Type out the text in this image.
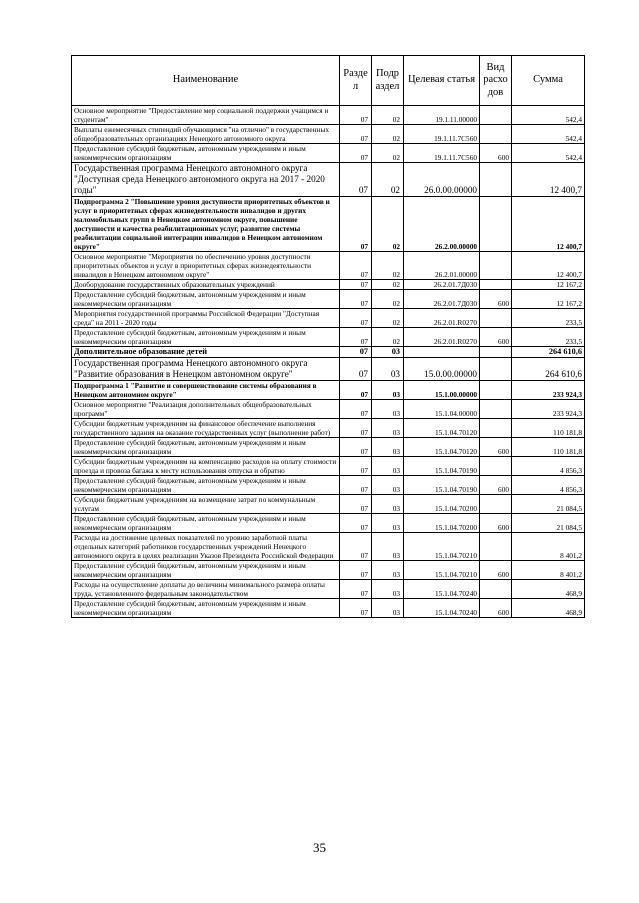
Наименование	Разде л	Подр аздел	Целевая статья	Вид расхо дов	Сумма
Основное мероприятие "Предоставление мер социальной поддержки учащимся и студентам"	07	02	19.1.11.00000		542,4
Выплаты ежемесячных стипендий обучающимся "на отлично" в государственных общеобразовательных организациях Ненецкого автономного округа	07	02	19.1.11.7С560		542,4
Предоставление субсидий бюджетным, автономным учреждениям и иным некоммерческим организациям	07	02	19.1.11.7С560	600	542,4
Государственная программа Ненецкого автономного округа "Доступная среда Ненецкого автономного округа на 2017 - 2020 годы"	07	02	26.0.00.00000		12 400,7
Подпрограмма 2 "Повышение уровня доступности приоритетных объектов и услуг в приоритетных сферах жизнедеятельности инвалидов и других маломобильных групп в Ненецком автономном округе, повышение доступности и качества реабилитационных услуг, развитие системы реабилитации социальной интеграции инвалидов в Ненецком автономном округе"	07	02	26.2.00.00000		12 400,7
Основное мероприятие "Мероприятия по обеспечению уровня доступности приоритетных объектов и услуг в приоритетных сферах жизнедеятельности инвалидов в Ненецком автономном округе"	07	02	26.2.01.00000		12 400,7
Дооборудование государственных образовательных учреждений	07	02	26.2.01.7Д030		12 167,2
Предоставление субсидий бюджетным, автономным учреждениям и иным некоммерческим организациям	07	02	26.2.01.7Д030	600	12 167,2
Мероприятия государственной программы Российской Федерации "Доступная среда" на 2011 - 2020 годы	07	02	26.2.01.R0270		233,5
Предоставление субсидий бюджетным, автономным учреждениям и иным некоммерческим организациям	07	02	26.2.01.R0270	600	233,5
Дополнительное образование детей	07	03			264 610,6
Государственная программа Ненецкого автономного округа "Развитие образования в Ненецком автономном округе"	07	03	15.0.00.00000		264 610,6
Подпрограмма 1 "Развитие и совершенствование системы образования в Ненецком автономном округе"	07	03	15.1.00.00000		233 924,3
Основное мероприятие "Реализация дополнительных общеобразовательных программ"	07	03	15.1.04.00000		233 924,3
Субсидии бюджетным учреждениям на финансовое обеспечение выполнения государственного задания на оказание государственных услуг (выполнение работ)	07	03	15.1.04.70120		110 181,8
Предоставление субсидий бюджетным, автономным учреждениям и иным некоммерческим организациям	07	03	15.1.04.70120	600	110 181,8
Субсидии бюджетным учреждениям на компенсацию расходов на оплату стоимости проезда и провоза багажа к месту использования отпуска и обратно	07	03	15.1.04.70190		4 856,3
Предоставление субсидий бюджетным, автономным учреждениям и иным некоммерческим организациям	07	03	15.1.04.70190	600	4 856,3
Субсидии бюджетным учреждениям на возмещение затрат по коммунальным услугам	07	03	15.1.04.70200		21 084,5
Предоставление субсидий бюджетным, автономным учреждениям и иным некоммерческим организациям	07	03	15.1.04.70200	600	21 084,5
Расходы на достижение целевых показателей по уровню заработной платы отдельных категорий работников государственных учреждений Ненецкого автономного округа в целях реализации Указов Президента Российской Федерации	07	03	15.1.04.70210		8 401,2
Предоставление субсидий бюджетным, автономным учреждениям и иным некоммерческим организациям	07	03	15.1.04.70210	600	8 401,2
Расходы на осуществление доплаты до величины минимального размера оплаты труда, установленного федеральным законодательством	07	03	15.1.04.70240		468,9
Предоставление субсидий бюджетным, автономным учреждениям и иным некоммерческим организациям	07	03	15.1.04.70240	600	468,9
35
